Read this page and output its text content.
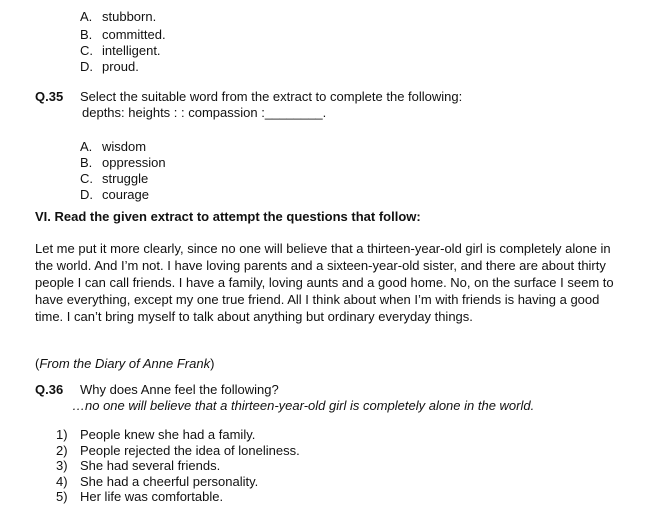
A. stubborn.
B. committed.
C. intelligent.
D. proud.
Q.35 Select the suitable word from the extract to complete the following:
depths: heights : : compassion :________.
A. wisdom
B. oppression
C. struggle
D. courage
VI. Read the given extract to attempt the questions that follow:

Let me put it more clearly, since no one will believe that a thirteen-year-old girl is completely alone in the world. And I’m not. I have loving parents and a sixteen-year-old sister, and there are about thirty people I can call friends. I have a family, loving aunts and a good home. No, on the surface I seem to have everything, except my one true friend. All I think about when I’m with friends is having a good time. I can’t bring myself to talk about anything but ordinary everyday things.

(From the Diary of Anne Frank)
Q.36 Why does Anne feel the following?
…no one will believe that a thirteen-year-old girl is completely alone in the world.
1) People knew she had a family.
2) People rejected the idea of loneliness.
3) She had several friends.
4) She had a cheerful personality.
5) Her life was comfortable.
